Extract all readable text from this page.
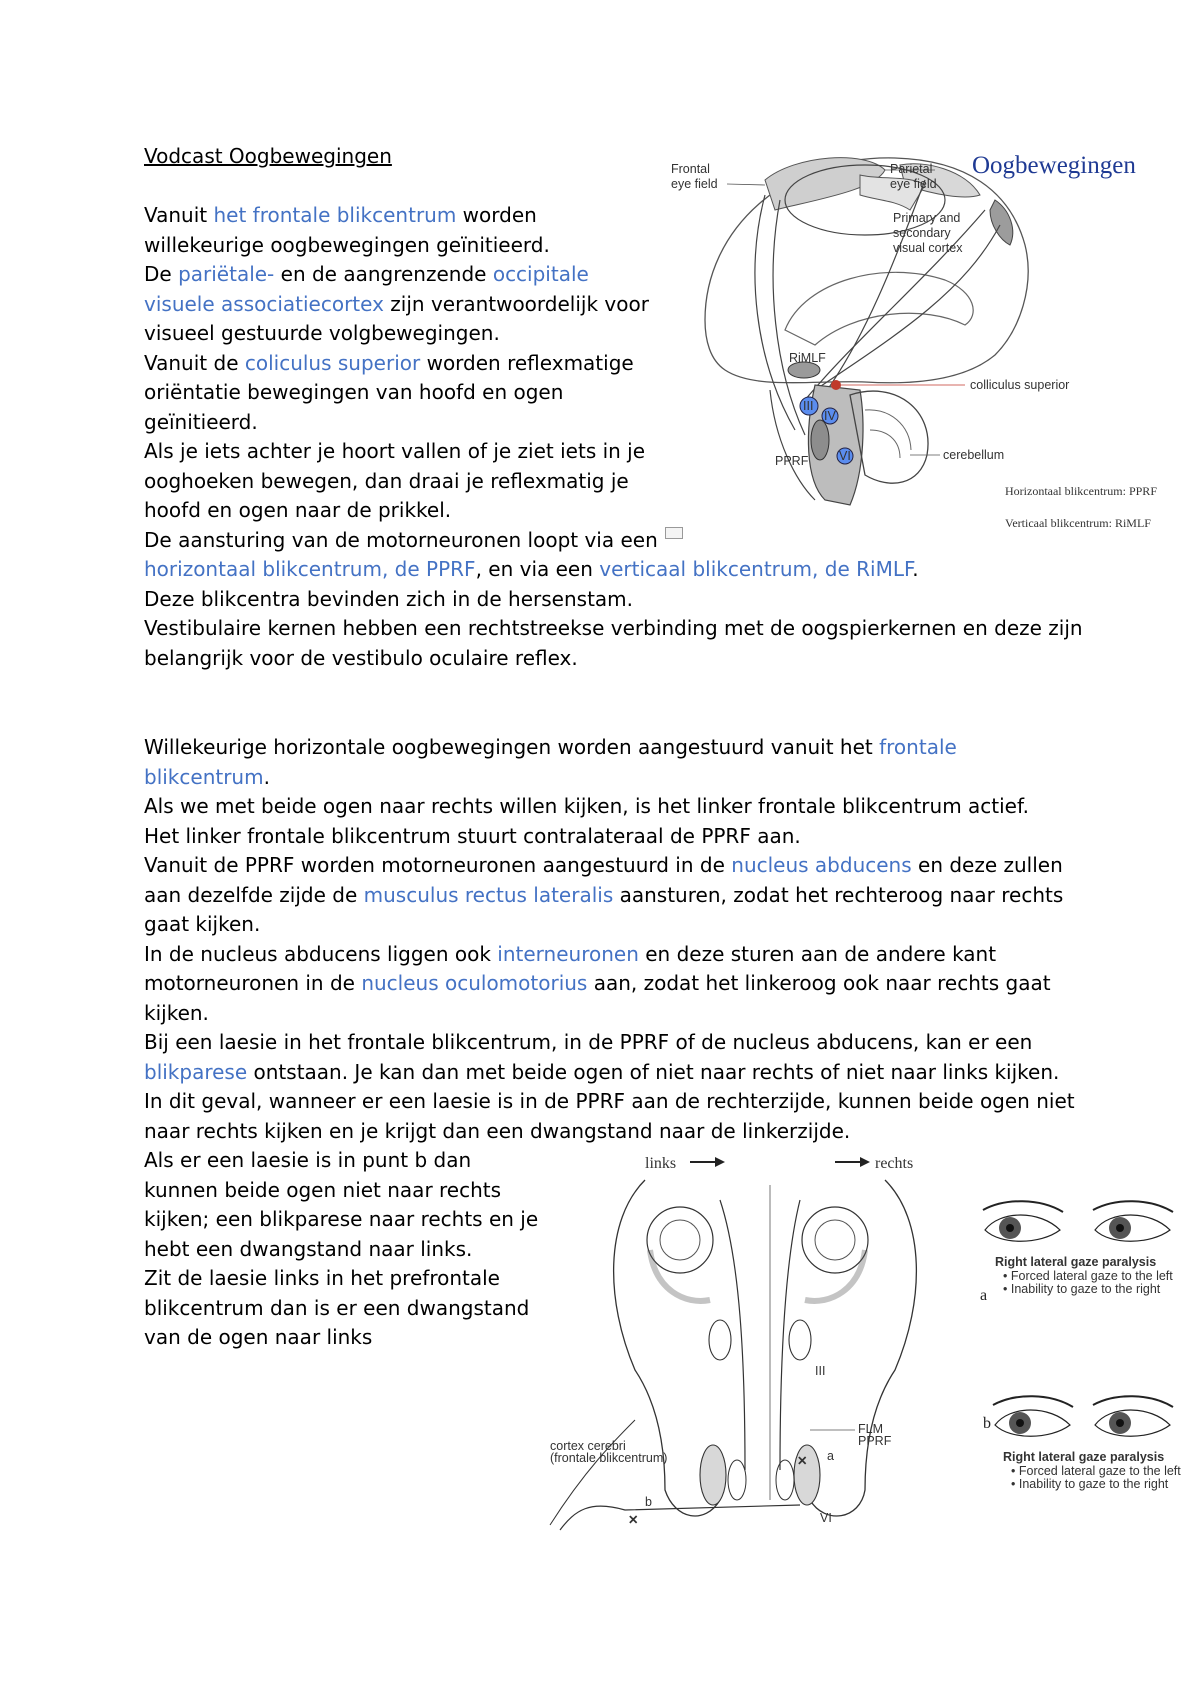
Vodcast Oogbewegingen
Vanuit het frontale blikcentrum worden
willekeurige oogbewegingen geïnitieerd.
De pariëtale- en de aangrenzende occipitale
visuele associatiecortex zijn verantwoordelijk voor
visueel gestuurde volgbewegingen.
Vanuit de coliculus superior worden reflexmatige
oriëntatie bewegingen van hoofd en ogen
geïnitieerd.
Als je iets achter je hoort vallen of je ziet iets in je
ooghoeken bewegen, dan draai je reflexmatig je
hoofd en ogen naar de prikkel.
De aansturing van de motorneuronen loopt via een
horizontaal blikcentrum, de PPRF, en via een verticaal blikcentrum, de RiMLF.
Deze blikcentra bevinden zich in de hersenstam.
Vestibulaire kernen hebben een rechtstreekse verbinding met de oogspierkernen en deze zijn
belangrijk voor de vestibulo oculaire reflex.
Willekeurige horizontale oogbewegingen worden aangestuurd vanuit het frontale
blikcentrum.
Als we met beide ogen naar rechts willen kijken, is het linker frontale blikcentrum actief.
Het linker frontale blikcentrum stuurt contralateraal de PPRF aan.
Vanuit de PPRF worden motorneuronen aangestuurd in de nucleus abducens en deze zullen
aan dezelfde zijde de musculus rectus lateralis aansturen, zodat het rechteroog naar rechts
gaat kijken.
In de nucleus abducens liggen ook interneuronen en deze sturen aan de andere kant
motorneuronen in de nucleus oculomotorius aan, zodat het linkeroog ook naar rechts gaat
kijken.
Bij een laesie in het frontale blikcentrum, in de PPRF of de nucleus abducens, kan er een
blikparese ontstaan. Je kan dan met beide ogen of niet naar rechts of niet naar links kijken.
In dit geval, wanneer er een laesie is in de PPRF aan de rechterzijde, kunnen beide ogen niet
naar rechts kijken en je krijgt dan een dwangstand naar de linkerzijde.
Als er een laesie is in punt b dan
kunnen beide ogen niet naar rechts
kijken; een blikparese naar rechts en je
hebt een dwangstand naar links.
Zit de laesie links in het prefrontale
blikcentrum dan is er een dwangstand
van de ogen naar links
Oogbewegingen
RiMLF
III
IV
VI
PPRF
colliculus superior
cerebellum
Frontal
eye field
Parietal
eye field
Primary and
secondary
visual cortex
Horizontaal blikcentrum: PPRF
Verticaal blikcentrum: RiMLF
links	rechts
III
✕ a
FLM
PPRF
VI
✕
b
cortex cerebri
(frontale blikcentrum)
Right lateral gaze paralysis
• Forced lateral gaze to the left
• Inability to gaze to the right
a
b
Right lateral gaze paralysis
• Forced lateral gaze to the left
• Inability to gaze to the right
